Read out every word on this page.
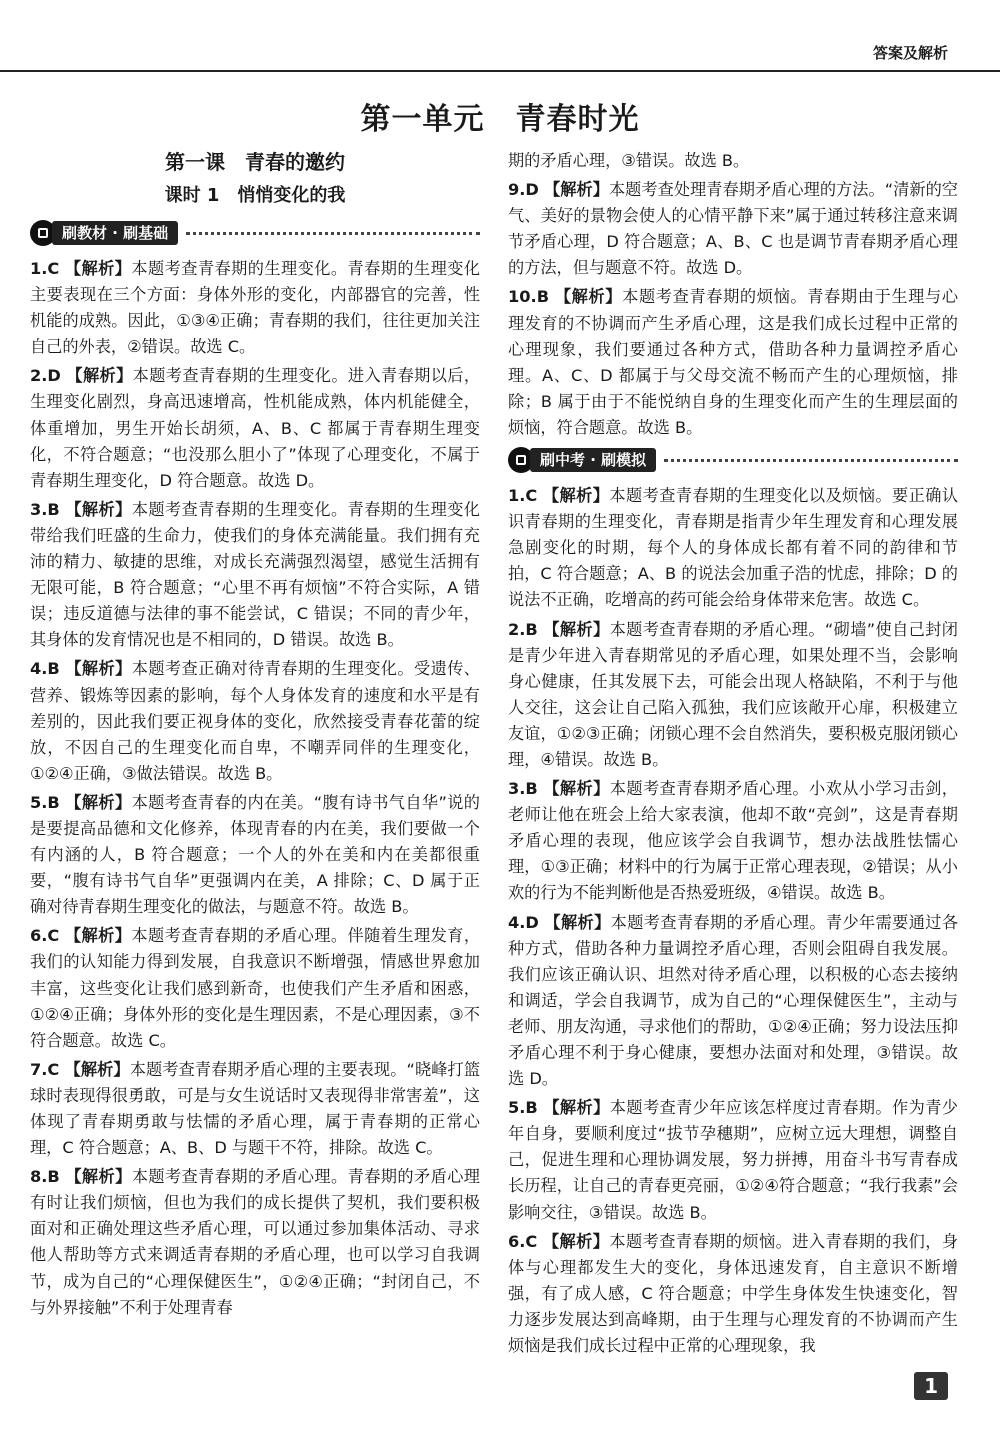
答案及解析
第一单元　青春时光
第一课　青春的邀约
课时 1　悄悄变化的我
刷教材 · 刷基础
1.C 【解析】本题考查青春期的生理变化。青春期的生理变化主要表现在三个方面：身体外形的变化，内部器官的完善，性机能的成熟。因此，①③④正确；青春期的我们，往往更加关注自己的外表，②错误。故选 C。
2.D 【解析】本题考查青春期的生理变化。进入青春期以后，生理变化剧烈，身高迅速增高，性机能成熟，体内机能健全，体重增加，男生开始长胡须，A、B、C 都属于青春期生理变化，不符合题意；“也没那么胆小了”体现了心理变化，不属于青春期生理变化，D 符合题意。故选 D。
3.B 【解析】本题考查青春期的生理变化。青春期的生理变化带给我们旺盛的生命力，使我们的身体充满能量。我们拥有充沛的精力、敏捷的思维，对成长充满强烈渴望，感觉生活拥有无限可能，B 符合题意；“心里不再有烦恼”不符合实际，A 错误；违反道德与法律的事不能尝试，C 错误；不同的青少年，其身体的发育情况也是不相同的，D 错误。故选 B。
4.B 【解析】本题考查正确对待青春期的生理变化。受遗传、营养、锻炼等因素的影响，每个人身体发育的速度和水平是有差别的，因此我们要正视身体的变化，欣然接受青春花蕾的绽放，不因自己的生理变化而自卑，不嘲弄同伴的生理变化，①②④正确，③做法错误。故选 B。
5.B 【解析】本题考查青春的内在美。“腹有诗书气自华”说的是要提高品德和文化修养，体现青春的内在美，我们要做一个有内涵的人，B 符合题意；一个人的外在美和内在美都很重要，“腹有诗书气自华”更强调内在美，A 排除；C、D 属于正确对待青春期生理变化的做法，与题意不符。故选 B。
6.C 【解析】本题考查青春期的矛盾心理。伴随着生理发育，我们的认知能力得到发展，自我意识不断增强，情感世界愈加丰富，这些变化让我们感到新奇，也使我们产生矛盾和困惑，①②④正确；身体外形的变化是生理因素，不是心理因素，③不符合题意。故选 C。
7.C 【解析】本题考查青春期矛盾心理的主要表现。“晓峰打篮球时表现得很勇敢，可是与女生说话时又表现得非常害羞”，这体现了青春期勇敢与怯懦的矛盾心理，属于青春期的正常心理，C 符合题意；A、B、D 与题干不符，排除。故选 C。
8.B 【解析】本题考查青春期的矛盾心理。青春期的矛盾心理有时让我们烦恼，但也为我们的成长提供了契机，我们要积极面对和正确处理这些矛盾心理，可以通过参加集体活动、寻求他人帮助等方式来调适青春期的矛盾心理，也可以学习自我调节，成为自己的“心理保健医生”，①②④正确；“封闭自己，不与外界接触”不利于处理青春
期的矛盾心理，③错误。故选 B。
9.D 【解析】本题考查处理青春期矛盾心理的方法。“清新的空气、美好的景物会使人的心情平静下来”属于通过转移注意来调节矛盾心理，D 符合题意；A、B、C 也是调节青春期矛盾心理的方法，但与题意不符。故选 D。
10.B 【解析】本题考查青春期的烦恼。青春期由于生理与心理发育的不协调而产生矛盾心理，这是我们成长过程中正常的心理现象，我们要通过各种方式，借助各种力量调控矛盾心理。A、C、D 都属于与父母交流不畅而产生的心理烦恼，排除；B 属于由于不能悦纳自身的生理变化而产生的生理层面的烦恼，符合题意。故选 B。
刷中考 · 刷模拟
1.C 【解析】本题考查青春期的生理变化以及烦恼。要正确认识青春期的生理变化，青春期是指青少年生理发育和心理发展急剧变化的时期，每个人的身体成长都有着不同的韵律和节拍，C 符合题意；A、B 的说法会加重子浩的忧虑，排除；D 的说法不正确，吃增高的药可能会给身体带来危害。故选 C。
2.B 【解析】本题考查青春期的矛盾心理。“砌墙”使自己封闭是青少年进入青春期常见的矛盾心理，如果处理不当，会影响身心健康，任其发展下去，可能会出现人格缺陷，不利于与他人交往，这会让自己陷入孤独，我们应该敞开心扉，积极建立友谊，①②③正确；闭锁心理不会自然消失，要积极克服闭锁心理，④错误。故选 B。
3.B 【解析】本题考查青春期矛盾心理。小欢从小学习击剑，老师让他在班会上给大家表演，他却不敢“亮剑”，这是青春期矛盾心理的表现，他应该学会自我调节，想办法战胜怯懦心理，①③正确；材料中的行为属于正常心理表现，②错误；从小欢的行为不能判断他是否热爱班级，④错误。故选 B。
4.D 【解析】本题考查青春期的矛盾心理。青少年需要通过各种方式，借助各种力量调控矛盾心理，否则会阻碍自我发展。我们应该正确认识、坦然对待矛盾心理，以积极的心态去接纳和调适，学会自我调节，成为自己的“心理保健医生”，主动与老师、朋友沟通，寻求他们的帮助，①②④正确；努力设法压抑矛盾心理不利于身心健康，要想办法面对和处理，③错误。故选 D。
5.B 【解析】本题考查青少年应该怎样度过青春期。作为青少年自身，要顺利度过“拔节孕穗期”，应树立远大理想，调整自己，促进生理和心理协调发展，努力拼搏，用奋斗书写青春成长历程，让自己的青春更亮丽，①②④符合题意；“我行我素”会影响交往，③错误。故选 B。
6.C 【解析】本题考查青春期的烦恼。进入青春期的我们，身体与心理都发生大的变化，身体迅速发育，自主意识不断增强，有了成人感，C 符合题意；中学生身体发生快速变化，智力逐步发展达到高峰期，由于生理与心理发育的不协调而产生烦恼是我们成长过程中正常的心理现象，我
1
